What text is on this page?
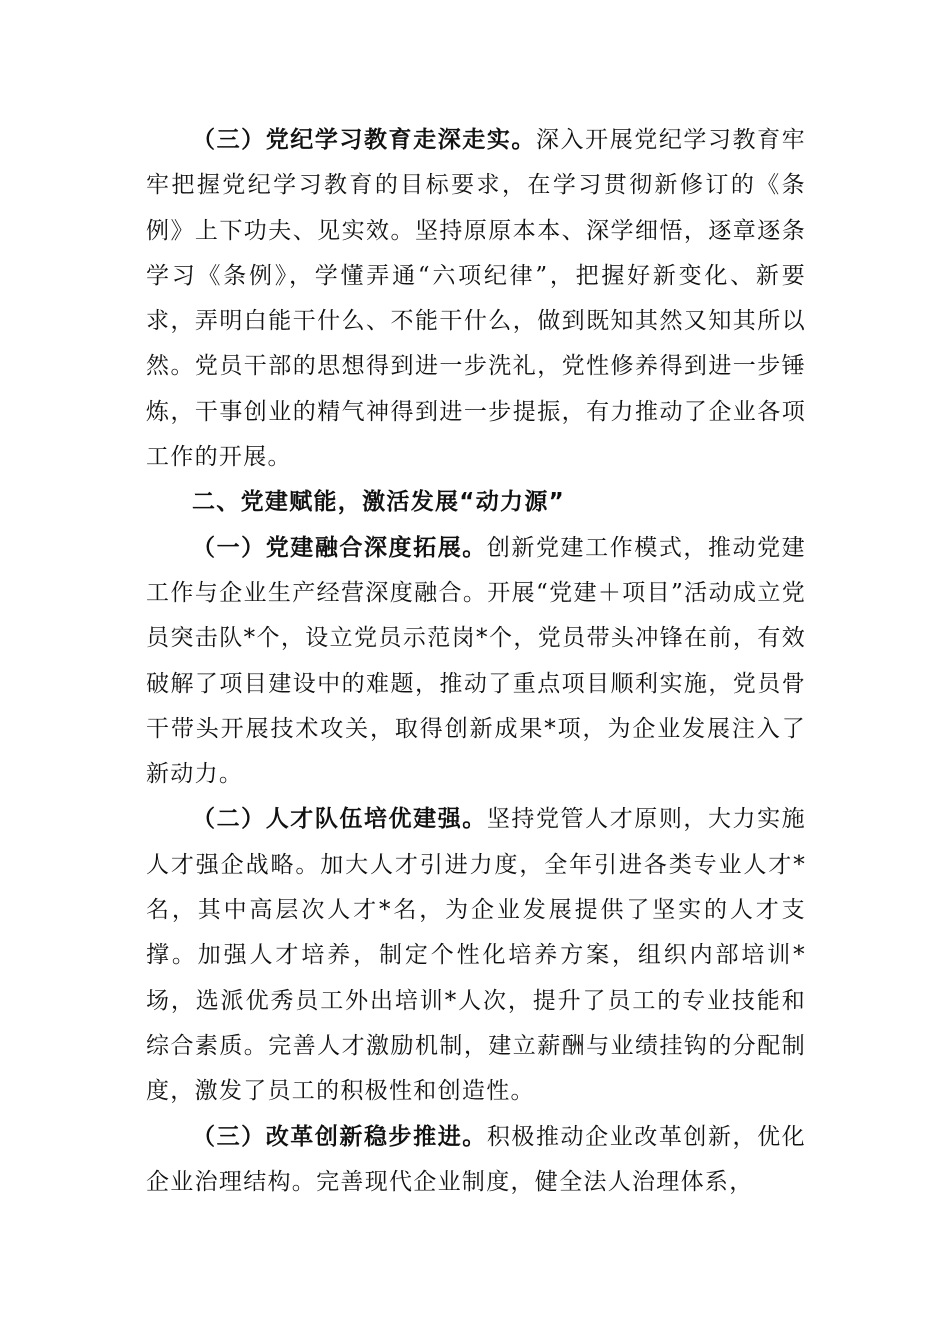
（三）党纪学习教育走深走实。深入开展党纪学习教育牢牢把握党纪学习教育的目标要求，在学习贯彻新修订的《条例》上下功夫、见实效。坚持原原本本、深学细悟，逐章逐条学习《条例》，学懂弄通“六项纪律”，把握好新变化、新要求，弄明白能干什么、不能干什么，做到既知其然又知其所以然。党员干部的思想得到进一步洗礼，党性修养得到进一步锤炼，干事创业的精气神得到进一步提振，有力推动了企业各项工作的开展。

二、党建赋能，激活发展“动力源”

（一）党建融合深度拓展。创新党建工作模式，推动党建工作与企业生产经营深度融合。开展“党建＋项目”活动成立党员突击队*个，设立党员示范岗*个，党员带头冲锋在前，有效破解了项目建设中的难题，推动了重点项目顺利实施，党员骨干带头开展技术攻关，取得创新成果*项，为企业发展注入了新动力。

（二）人才队伍培优建强。坚持党管人才原则，大力实施人才强企战略。加大人才引进力度，全年引进各类专业人才*名，其中高层次人才*名，为企业发展提供了坚实的人才支撑。加强人才培养，制定个性化培养方案，组织内部培训*场，选派优秀员工外出培训*人次，提升了员工的专业技能和综合素质。完善人才激励机制，建立薪酬与业绩挂钩的分配制度，激发了员工的积极性和创造性。

（三）改革创新稳步推进。积极推动企业改革创新，优化企业治理结构。完善现代企业制度，健全法人治理体系，
